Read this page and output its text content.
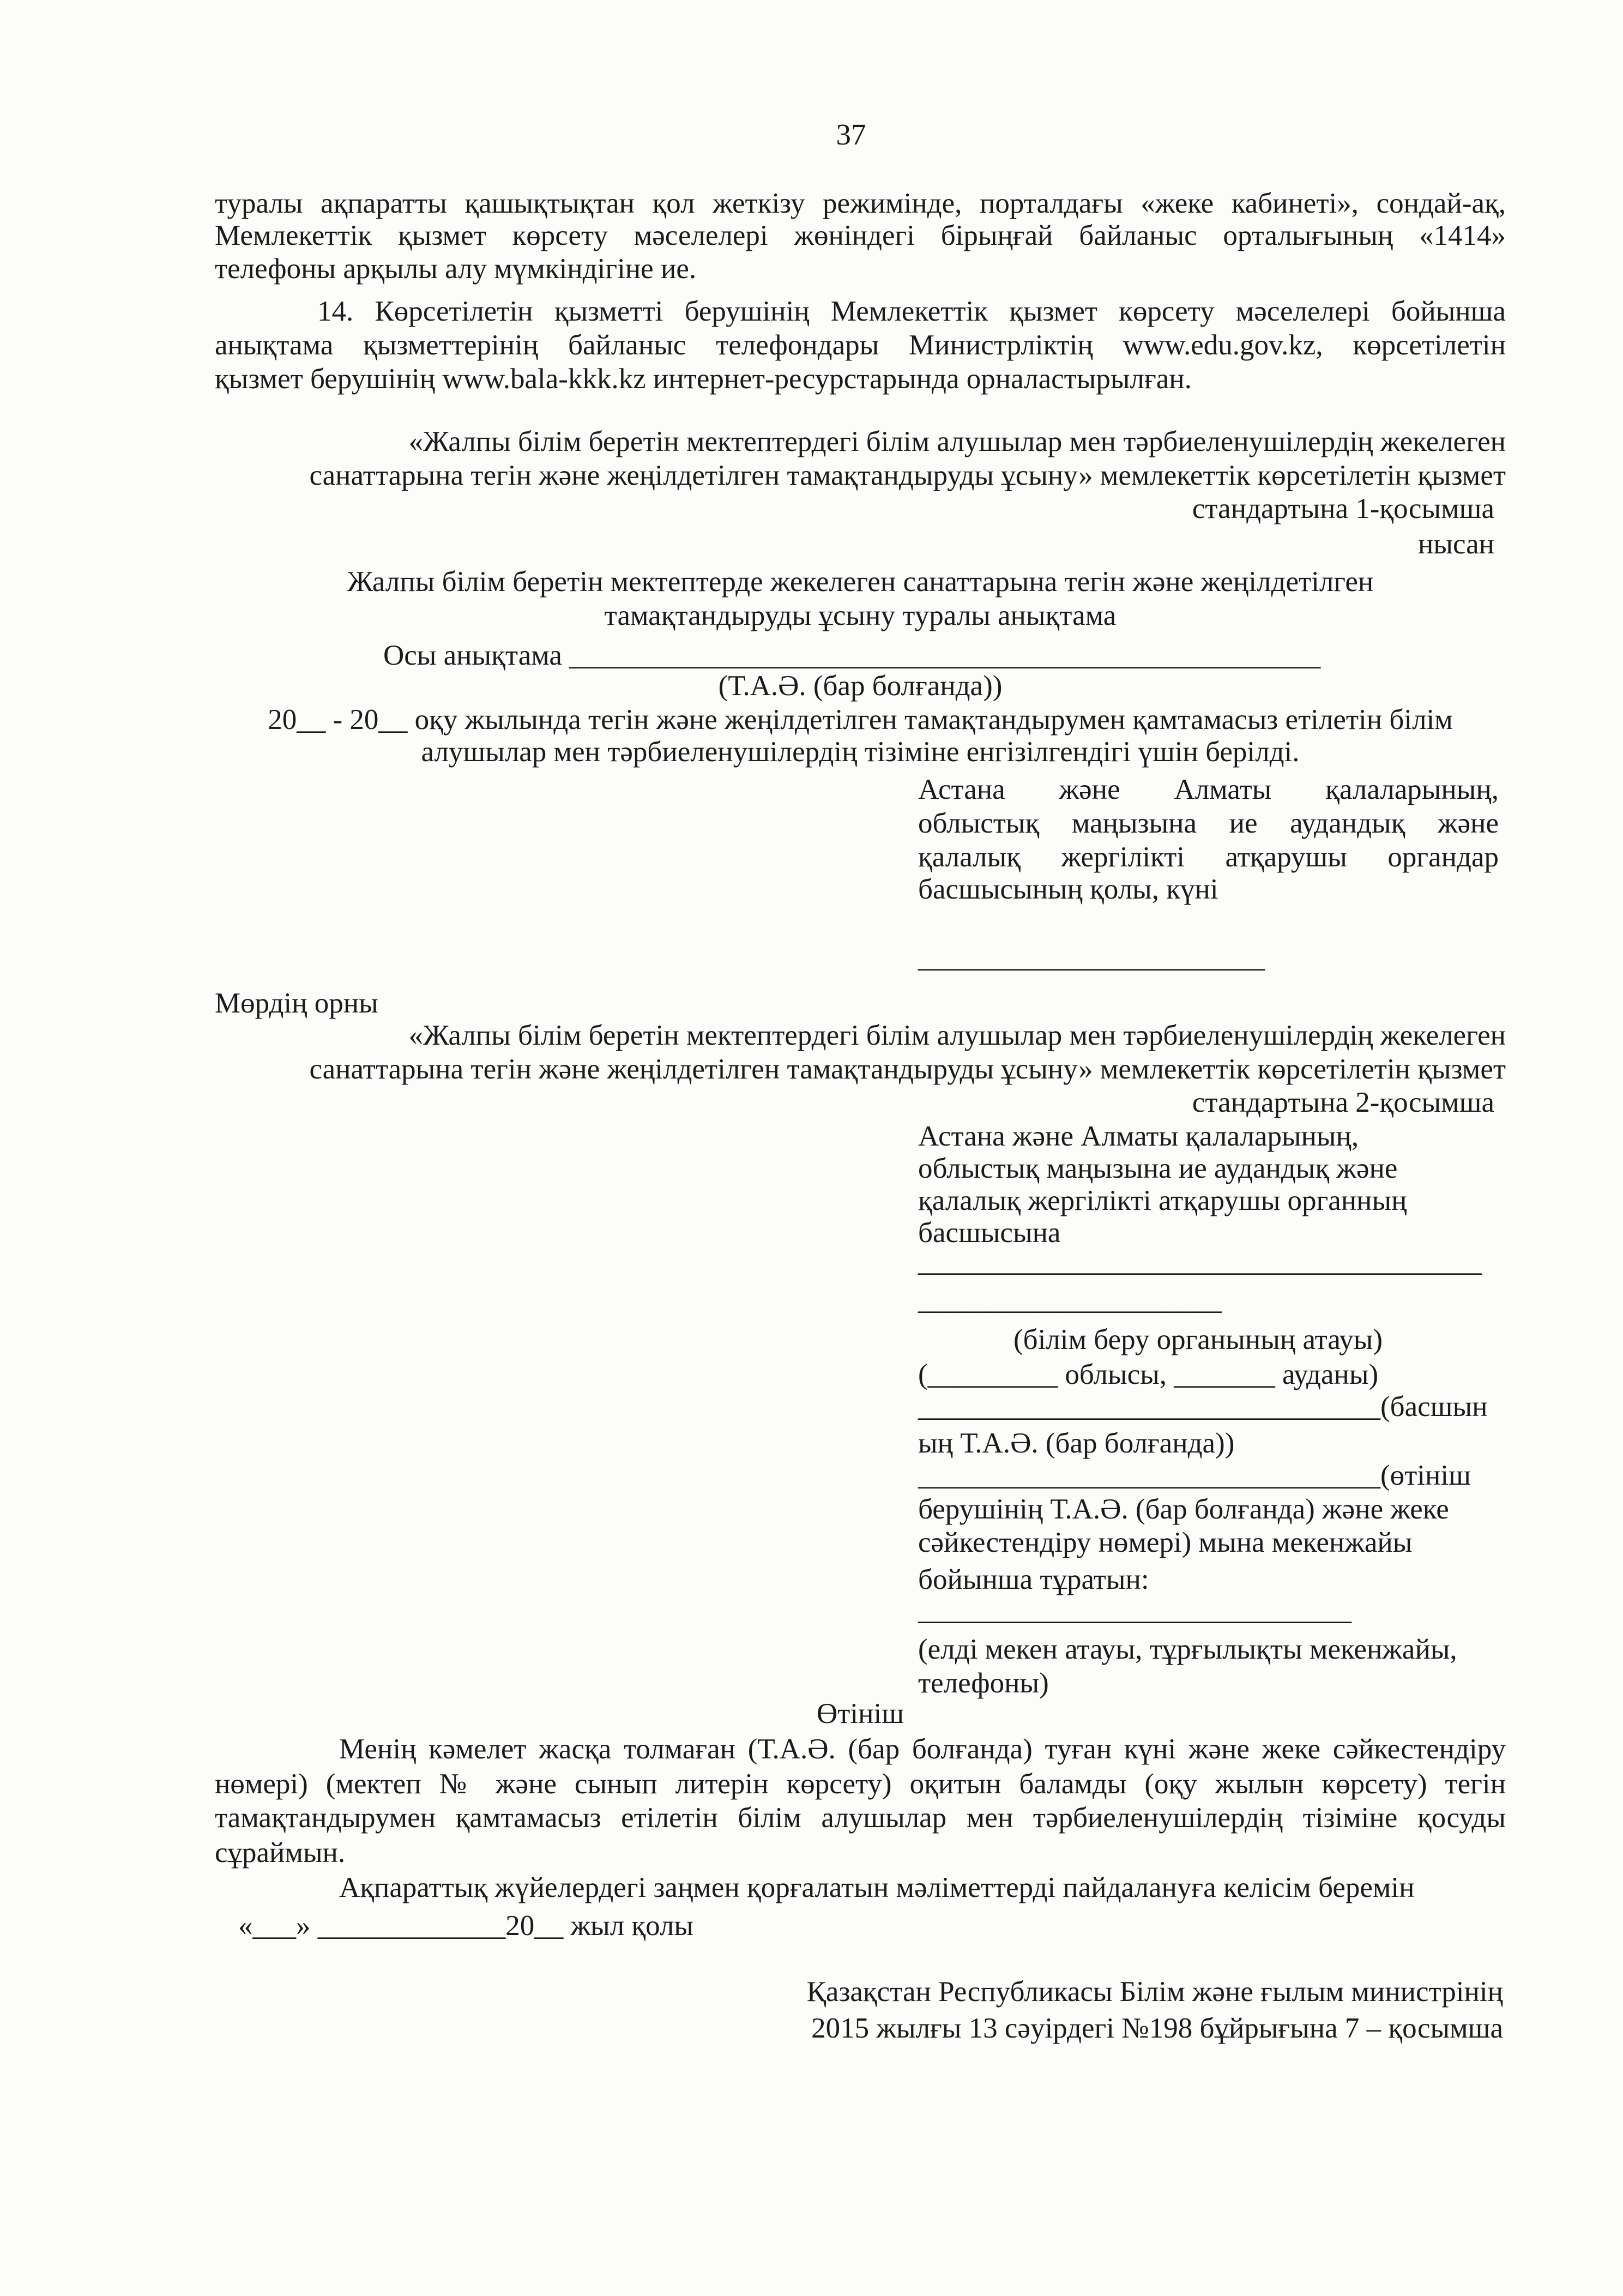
37
туралы ақпаратты қашықтықтан қол жеткізу режимінде, порталдағы «жеке кабинеті», сондай-ақ,
Мемлекеттік қызмет көрсету мәселелері жөніндегі бірыңғай байланыс орталығының «1414»
телефоны арқылы алу мүмкіндігіне ие.
14. Көрсетілетін қызметті берушінің Мемлекеттік қызмет көрсету мәселелері бойынша
анықтама қызметтерінің байланыс телефондары Министрліктің www.edu.gov.kz, көрсетілетін
қызмет берушінің www.bala-kkk.kz интернет-ресурстарында орналастырылған.
«Жалпы білім беретін мектептердегі білім алушылар мен тәрбиеленушілердің жекелеген
санаттарына тегін және жеңілдетілген тамақтандыруды ұсыну» мемлекеттік көрсетілетін қызмет
стандартына 1-қосымша
нысан
Жалпы білім беретін мектептерде жекелеген санаттарына тегін және жеңілдетілген
тамақтандыруды ұсыну туралы анықтама
Осы анықтама ____________________________________________________
(Т.А.Ә. (бар болғанда))
20__ - 20__ оқу жылында тегін және жеңілдетілген тамақтандырумен қамтамасыз етілетін білім
алушылар мен тәрбиеленушілердің тізіміне енгізілгендігі үшін берілді.
Астана және Алматы қалаларының,
облыстық маңызына ие аудандық және
қалалық жергілікті атқарушы органдар
басшысының қолы, күні
________________________
Мөрдің орны
«Жалпы білім беретін мектептердегі білім алушылар мен тәрбиеленушілердің жекелеген
санаттарына тегін және жеңілдетілген тамақтандыруды ұсыну» мемлекеттік көрсетілетін қызмет
стандартына 2-қосымша
Астана және Алматы қалаларының,
облыстық маңызына ие аудандық және
қалалық жергілікті атқарушы органның
басшысына
_______________________________________
_____________________
(білім беру органының атауы)
(_________ облысы, _______ ауданы)
________________________________(басшын
ың Т.А.Ә. (бар болғанда))
________________________________(өтініш
берушінің Т.А.Ә. (бар болғанда) және жеке
сәйкестендіру нөмері) мына мекенжайы
бойынша тұратын:
______________________________
(елді мекен атауы, тұрғылықты мекенжайы,
телефоны)
Өтініш
Менің кәмелет жасқа толмаған (Т.А.Ә. (бар болғанда) туған күні және жеке сәйкестендіру
нөмері) (мектеп № және сынып литерін көрсету) оқитын баламды (оқу жылын көрсету) тегін
тамақтандырумен қамтамасыз етілетін білім алушылар мен тәрбиеленушілердің тізіміне қосуды
сұраймын.
Ақпараттық жүйелердегі заңмен қорғалатын мәліметтерді пайдалануға келісім беремін
«___» _____________20__ жыл қолы
Қазақстан Республикасы Білім және ғылым министрінің
2015 жылғы 13 сәуірдегі №198 бұйрығына 7 – қосымша
